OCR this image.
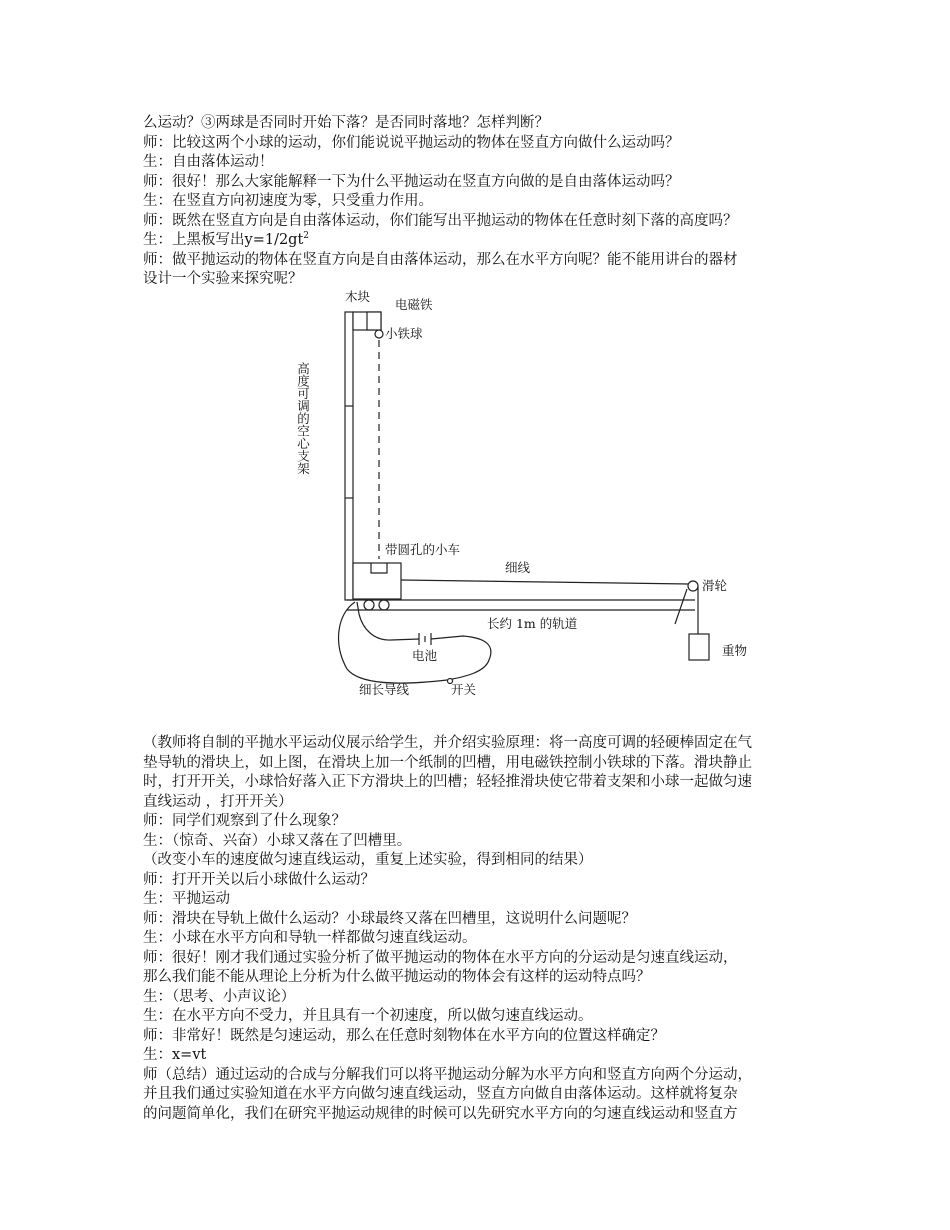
么运动？③两球是否同时开始下落？是否同时落地？怎样判断？

师：比较这两个小球的运动，你们能说说平抛运动的物体在竖直方向做什么运动吗？

生：自由落体运动！

师：很好！那么大家能解释一下为什么平抛运动在竖直方向做的是自由落体运动吗？

生：在竖直方向初速度为零，只受重力作用。

师：既然在竖直方向是自由落体运动，你们能写出平抛运动的物体在任意时刻下落的高度吗？

生：上黑板写出$y=1/2gt^2$

师：做平抛运动的物体在竖直方向是自由落体运动，那么在水平方向呢？能不能用讲台的器材

设计一个实验来探究呢？

木块
电磁铁
小铁球
带圆孔的小车
细线
滑轮
长约 1m 的轨道
电池	重物
细长导线	开关
高度可调的空心支架

（教师将自制的平抛水平运动仪展示给学生，并介绍实验原理：将一高度可调的轻硬棒固定在气

垫导轨的滑块上，如上图，在滑块上加一个纸制的凹槽，用电磁铁控制小铁球的下落。滑块静止

时，打开开关，小球恰好落入正下方滑块上的凹槽；轻轻推滑块使它带着支架和小球一起做匀速

直线运动 ，打开开关）

师：同学们观察到了什么现象？

生：（惊奇、兴奋）小球又落在了凹槽里。

（改变小车的速度做匀速直线运动，重复上述实验，得到相同的结果）

师：打开开关以后小球做什么运动？

生：平抛运动

师：滑块在导轨上做什么运动？小球最终又落在凹槽里，这说明什么问题呢？

生：小球在水平方向和导轨一样都做匀速直线运动。

师：很好！刚才我们通过实验分析了做平抛运动的物体在水平方向的分运动是匀速直线运动，

那么我们能不能从理论上分析为什么做平抛运动的物体会有这样的运动特点吗？

生：（思考、小声议论）

生：在水平方向不受力，并且具有一个初速度，所以做匀速直线运动。

师：非常好！既然是匀速运动，那么在任意时刻物体在水平方向的位置这样确定？

生：x=vt

师（总结）通过运动的合成与分解我们可以将平抛运动分解为水平方向和竖直方向两个分运动，

并且我们通过实验知道在水平方向做匀速直线运动，竖直方向做自由落体运动。这样就将复杂

的问题简单化，我们在研究平抛运动规律的时候可以先研究水平方向的匀速直线运动和竖直方
